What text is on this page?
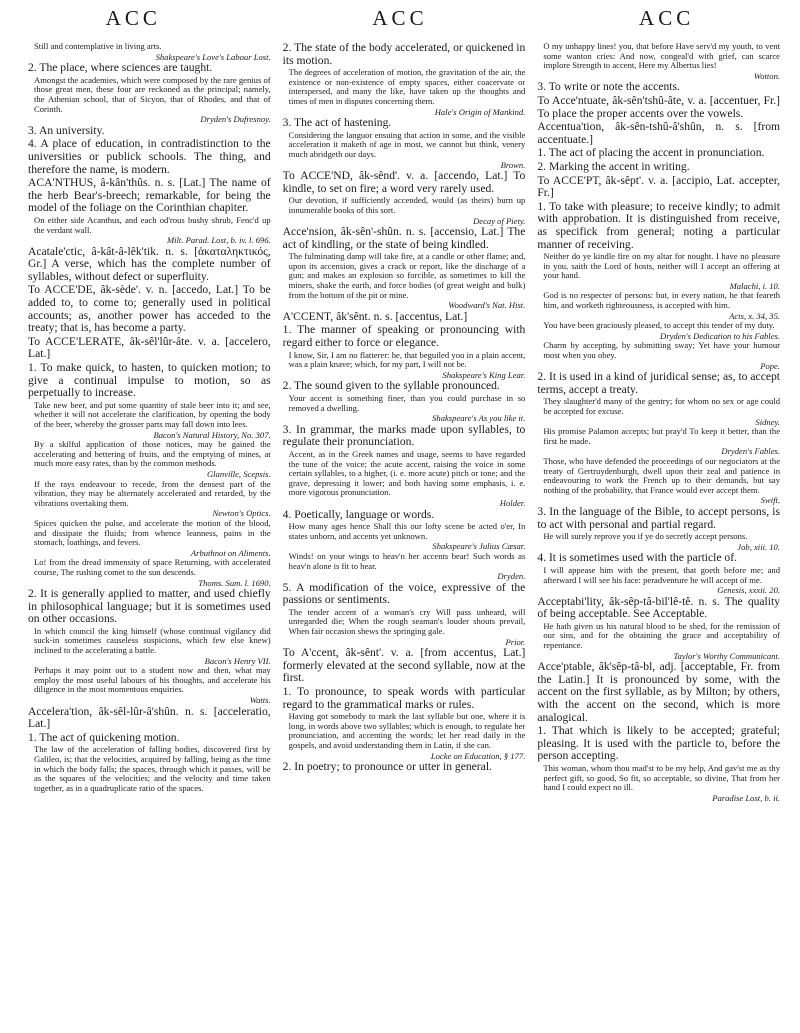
ACC	ACC	ACC

Still and contemplative in living arts.

Shakspeare's Love's Labour Lost.

2. The place, where sciences are taught.

Amongst the academies, which were composed by the rare genius of those great men, these four are reckoned as the principal; namely, the Athenian school, that of Sicyon, that of Rhodes, and that of Corinth.

Dryden's Dufresnoy.

3. An university.

4. A place of education, in contradistinction to the universities or publick schools. The thing, and therefore the name, is modern.

ACA'NTHUS, â-kân'thûs. n. s. [Lat.] The name of the herb Bear's-breech; remarkable, for being the model of the foliage on the Corinthian chapiter.

On either side Acanthus, and each od'rous bushy shrub, Fenc'd up the verdant wall.

Milt. Parad. Lost, b. iv. l. 696.

Acatale'ctic, â-kât-â-lêk'tik. n. s. [ἀκαταληκτικός, Gr.] A verse, which has the complete number of syllables, without defect or superfluity.

To ACCE'DE, âk-sède'. v. n. [accedo, Lat.] To be added to, to come to; generally used in political accounts; as, another power has acceded to the treaty; that is, has become a party.

To ACCE'LERATE, âk-sêl'lûr-âte. v. a. [accelero, Lat.]

1. To make quick, to hasten, to quicken motion; to give a continual impulse to motion, so as perpetually to increase.

Take new beer, and put some quantity of stale beer into it; and see, whether it will not accelerate the clarification, by opening the body of the beer, whereby the grosser parts may fall down into lees.

Bacon's Natural History, No. 307.

By a skilful application of those notices, may be gained the accelerating and bettering of fruits, and the emptying of mines, at much more easy rates, than by the common methods.

Glanville, Scepsis.

If the rays endeavour to recede, from the densest part of the vibration, they may be alternately accelerated and retarded, by the vibrations overtaking them.

Newton's Optics.

Spices quicken the pulse, and accelerate the motion of the blood, and dissipate the fluids; from whence leanness, pains in the stomach, loathings, and fevers.

Arbuthnot on Aliments.

Lo! from the dread immensity of space Returning, with accelerated course, The rushing comet to the sun descends.

Thoms. Sum. l. 1690.

2. It is generally applied to matter, and used chiefly in philosophical language; but it is sometimes used on other occasions.

In which council the king himself (whose continual vigilancy did suck-in sometimes causeless suspicions, which few else knew) inclined to the accelerating a battle.

Bacon's Henry VII.

Perhaps it may point out to a student now and then, what may employ the most useful labours of his thoughts, and accelerate his diligence in the most momentous enquiries.

Watts.

Accelera'tion, âk-sêl-lûr-â'shûn. n. s. [acceleratio, Lat.]

1. The act of quickening motion.

The law of the acceleration of falling bodies, discovered first by Galileo, is; that the velocities, acquired by falling, being as the time in which the body falls; the spaces, through which it passes, will be as the squares of the velocities; and the velocity and time taken together, as in a quadruplicate ratio of the spaces.

2. The state of the body accelerated, or quickened in its motion.

The degrees of acceleration of motion, the gravitation of the air, the existence or non-existence of empty spaces, either coacervate or interspersed, and many the like, have taken up the thoughts and times of men in disputes concerning them.

Hale's Origin of Mankind.

3. The act of hastening.

Considering the languor ensuing that action in some, and the visible acceleration it maketh of age in most, we cannot but think, venery much abridgeth our days.

Brown.

To ACCE'ND, âk-sênd'. v. a. [accendo, Lat.] To kindle, to set on fire; a word very rarely used.

Our devotion, if sufficiently accended, would (as theirs) burn up innumerable books of this sort.

Decay of Piety.

Acce'nsion, âk-sên'-shûn. n. s. [accensio, Lat.] The act of kindling, or the state of being kindled.

The fulminating damp will take fire, at a candle or other flame; and, upon its accension, gives a crack or report, like the discharge of a gun; and makes an explosion so forcible, as sometimes to kill the miners, shake the earth, and force bodies (of great weight and bulk) from the bottom of the pit or mine.

Woodward's Nat. Hist.

A'CCENT, âk'sênt. n. s. [accentus, Lat.]

1. The manner of speaking or pronouncing with regard either to force or elegance.

I know, Sir, I am no flatterer: he, that beguiled you in a plain accent, was a plain knave; which, for my part, I will not be.

Shakspeare's King Lear.

2. The sound given to the syllable pronounced.

Your accent is something finer, than you could purchase in so removed a dwelling.

Shakspeare's As you like it.

3. In grammar, the marks made upon syllables, to regulate their pronunciation.

Accent, as in the Greek names and usage, seems to have regarded the tune of the voice; the acute accent, raising the voice in some certain syllables, to a higher, (i. e. more acute) pitch or tone; and the grave, depressing it lower; and both having some emphasis, i. e. more vigorous pronunciation.

Holder.

4. Poetically, language or words.

How many ages hence Shall this our lofty scene be acted o'er, In states unborn, and accents yet unknown.

Shakspeare's Julius Cæsar.

Winds! on your wings to heav'n her accents bear! Such words as heav'n alone is fit to hear.

Dryden.

5. A modification of the voice, expressive of the passions or sentiments.

The tender accent of a woman's cry Will pass unheard, will unregarded die; When the rough seaman's louder shouts prevail, When fair occasion shews the springing gale.

Prior.

To A'ccent, âk-sênt'. v. a. [from accentus, Lat.] formerly elevated at the second syllable, now at the first.

1. To pronounce, to speak words with particular regard to the grammatical marks or rules.

Having got somebody to mark the last syllable but one, where it is long, in words above two syllables; which is enough, to regulate her pronunciation, and accenting the words; let her read daily in the gospels, and avoid understanding them in Latin, if she can.

Locke on Education, § 177.

2. In poetry; to pronounce or utter in general.

O my unhappy lines! you, that before Have serv'd my youth, to vent some wanton cries: And now, congeal'd with grief, can scarce implore Strength to accent, Here my Albertus lies!

Wotton.

3. To write or note the accents.

To Acce'ntuate, âk-sên'tshû-âte, v. a. [accentuer, Fr.] To place the proper accents over the vowels.

Accentua'tion, âk-sên-tshû-â'shûn, n. s. [from accentuate.]

1. The act of placing the accent in pronunciation.

2. Marking the accent in writing.

To ACCE'PT, âk-sêpt'. v. a. [accipio, Lat. accepter, Fr.]

1. To take with pleasure; to receive kindly; to admit with approbation. It is distinguished from receive, as specifick from general; noting a particular manner of receiving.

Neither do ye kindle fire on my altar for nought. I have no pleasure in you, saith the Lord of hosts, neither will I accept an offering at your hand.

Malachi, i. 10.

God is no respecter of persons: but, in every nation, he that feareth him, and worketh righteousness, is accepted with him.

Acts, x. 34, 35.

You have been graciously pleased, to accept this tender of my duty.

Dryden's Dedication to his Fables.

Charm by accepting, by submitting sway; Yet have your humour most when you obey.

Pope.

2. It is used in a kind of juridical sense; as, to accept terms, accept a treaty.

They slaughter'd many of the gentry; for whom no sex or age could be accepted for excuse.

Sidney.

His promise Palamon accepts; but pray'd To keep it better, than the first he made.

Dryden's Fables.

Those, who have defended the proceedings of our negociators at the treaty of Gertruydenburgh, dwell upon their zeal and patience in endeavouring to work the French up to their demands, but say nothing of the probability, that France would ever accept them.

Swift.

3. In the language of the Bible, to accept persons, is to act with personal and partial regard.

He will surely reprove you if ye do secretly accept persons.

Job, xiii. 10.

4. It is sometimes used with the particle of.

I will appease him with the present, that goeth before me; and afterward I will see his face: peradventure he will accept of me.

Genesis, xxxii. 20.

Acceptabi'lity, âk-sêp-tâ-bil'lê-tê. n. s. The quality of being acceptable. See Acceptable.

He hath given us his natural blood to be shed, for the remission of our sins, and for the obtaining the grace and acceptability of repentance.

Taylor's Worthy Communicant.

Acce'ptable, âk'sêp-tâ-bl, adj. [acceptable, Fr. from the Latin.] It is pronounced by some, with the accent on the first syllable, as by Milton; by others, with the accent on the second, which is more analogical.

1. That which is likely to be accepted; grateful; pleasing. It is used with the particle to, before the person accepting.

This woman, whom thou mad'st to be my help, And gav'st me as thy perfect gift, so good, So fit, so acceptable, so divine, That from her hand I could expect no ill.

Paradise Lost, b. ii.
